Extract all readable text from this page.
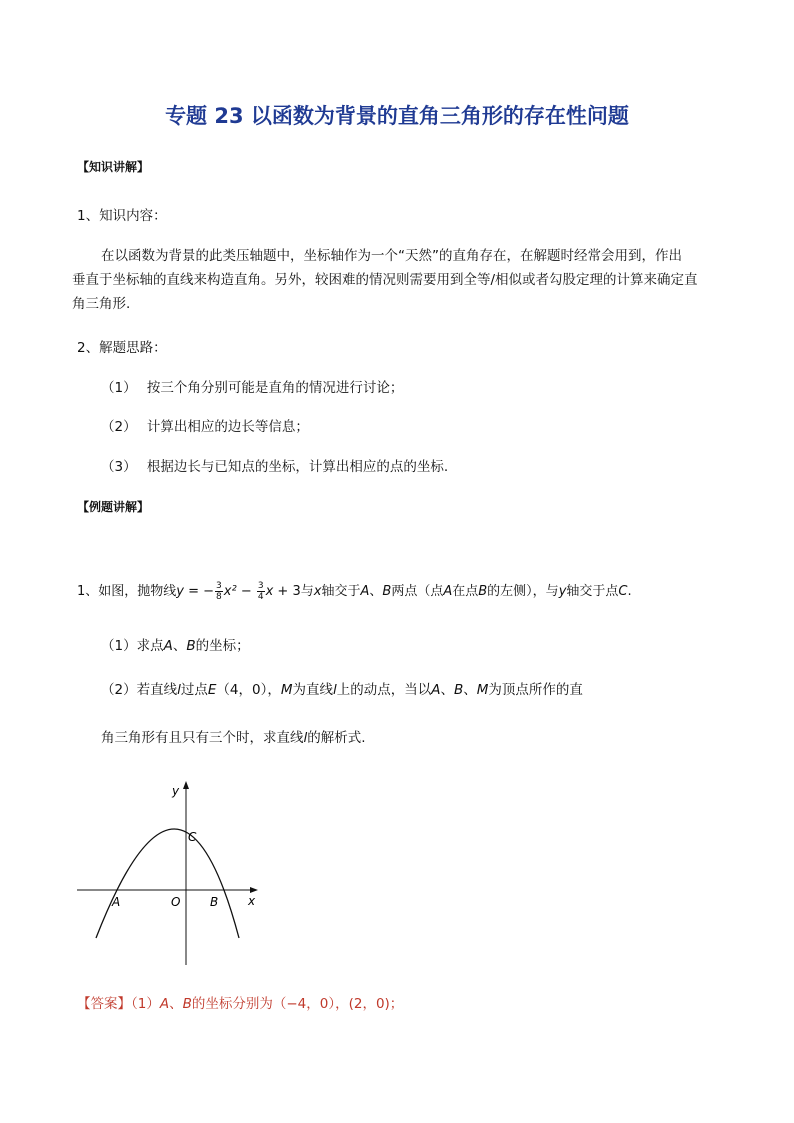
专题 23 以函数为背景的直角三角形的存在性问题
【知识讲解】
1、知识内容：
在以函数为背景的此类压轴题中，坐标轴作为一个“天然”的直角存在，在解题时经常会用到，作出
垂直于坐标轴的直线来构造直角。另外，较困难的情况则需要用到全等/相似或者勾股定理的计算来确定直
角三角形.
2、解题思路：
（1） 按三个角分别可能是直角的情况进行讨论；
（2） 计算出相应的边长等信息；
（3） 根据边长与已知点的坐标，计算出相应的点的坐标.
【例题讲解】
1、如图，抛物线y = − $\frac{3}{8} x^2 - \frac{3}{4}$ x + 3与x轴交于A、B两点（点A在点B的左侧），与y轴交于点C.
（1）求点A、B的坐标；
（2）若直线l过点E（4，0），M为直线l上的动点，当以A、B、M为顶点所作的直
角三角形有且只有三个时，求直线l的解析式.
y
x
C
A	O B
【答案】（1）A、B的坐标分别为（−4，0），(2，0)；
